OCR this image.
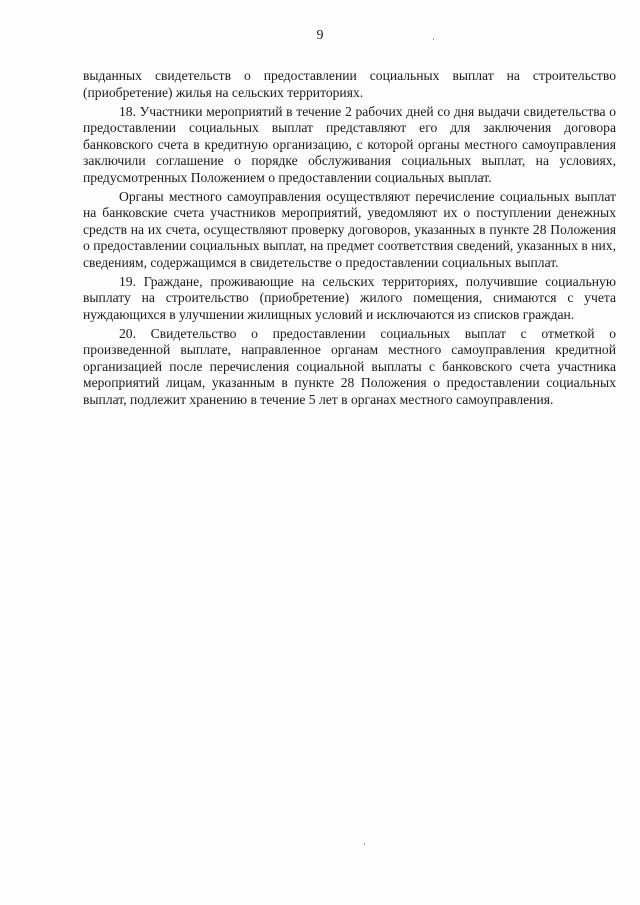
9

выданных свидетельств о предоставлении социальных выплат на строительство (приобретение) жилья на сельских территориях.

18. Участники мероприятий в течение 2 рабочих дней со дня выдачи свидетельства о предоставлении социальных выплат представляют его для заключения договора банковского счета в кредитную организацию, с которой органы местного самоуправления заключили соглашение о порядке обслуживания социальных выплат, на условиях, предусмотренных Положением о предоставлении социальных выплат.

Органы местного самоуправления осуществляют перечисление социальных выплат на банковские счета участников мероприятий, уведомляют их о поступлении денежных средств на их счета, осуществляют проверку договоров, указанных в пункте 28 Положения о предоставлении социальных выплат, на предмет соответствия сведений, указанных в них, сведениям, содержащимся в свидетельстве о предоставлении социальных выплат.

19. Граждане, проживающие на сельских территориях, получившие социальную выплату на строительство (приобретение) жилого помещения, снимаются с учета нуждающихся в улучшении жилищных условий и исключаются из списков граждан.

20. Свидетельство о предоставлении социальных выплат с отметкой о произведенной выплате, направленное органам местного самоуправления кредитной организацией после перечисления социальной выплаты с банковского счета участника мероприятий лицам, указанным в пункте 28 Положения о предоставлении социальных выплат, подлежит хранению в течение 5 лет в органах местного самоуправления.
